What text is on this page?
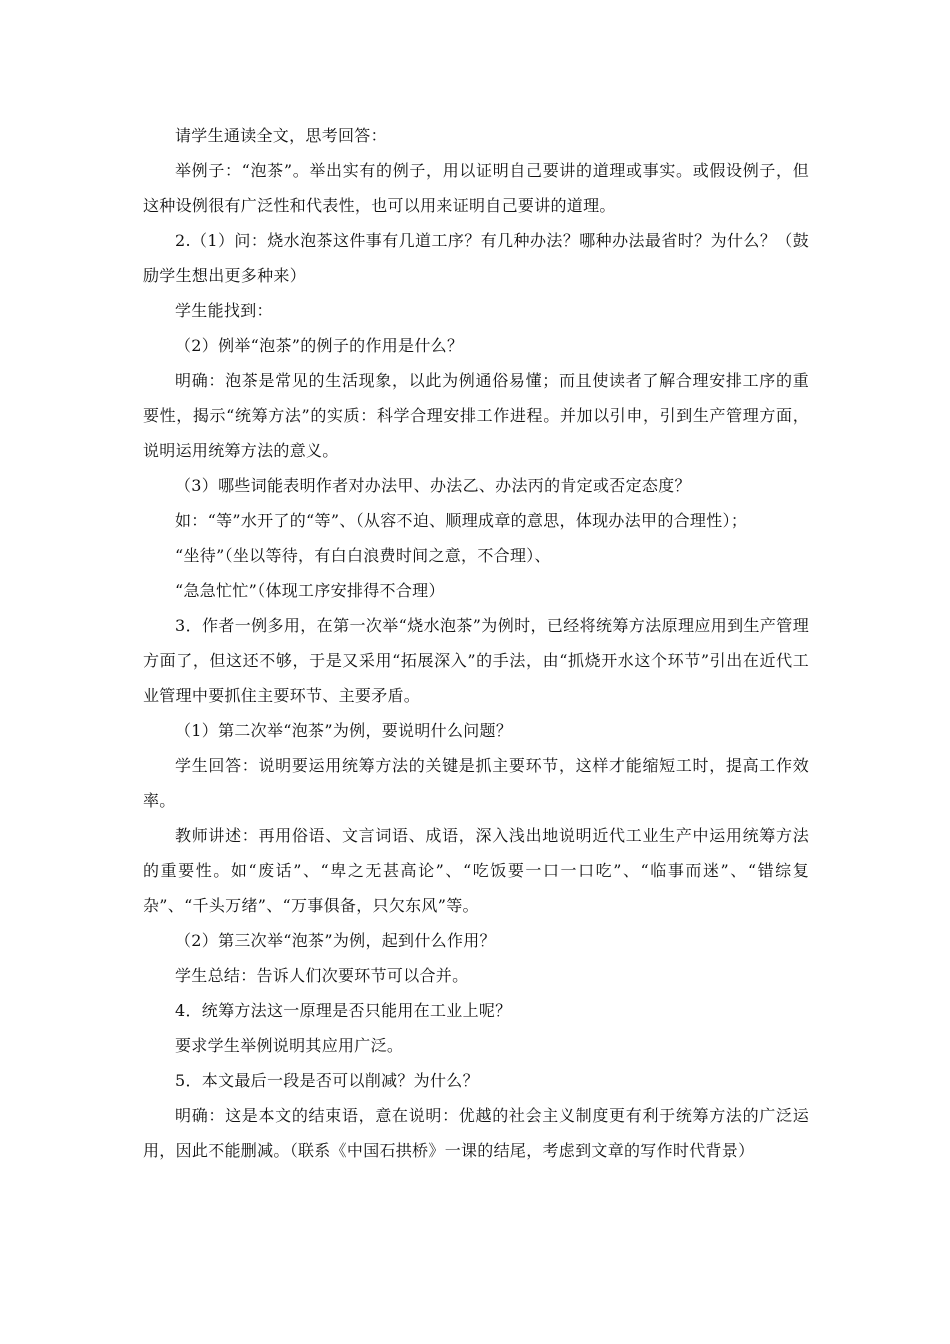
请学生通读全文，思考回答：

举例子：“泡茶”。举出实有的例子，用以证明自己要讲的道理或事实。或假设例子，但这种设例很有广泛性和代表性，也可以用来证明自己要讲的道理。

2.（1）问：烧水泡茶这件事有几道工序？有几种办法？哪种办法最省时？为什么？（鼓励学生想出更多种来）

学生能找到：

（2）例举“泡茶”的例子的作用是什么？

明确：泡茶是常见的生活现象，以此为例通俗易懂；而且使读者了解合理安排工序的重要性，揭示“统筹方法”的实质：科学合理安排工作进程。并加以引申，引到生产管理方面，说明运用统筹方法的意义。

（3）哪些词能表明作者对办法甲、办法乙、办法丙的肯定或否定态度？

如：“等”水开了的“等”、（从容不迫、顺理成章的意思，体现办法甲的合理性）；

“坐待”（坐以等待，有白白浪费时间之意，不合理）、

“急急忙忙”（体现工序安排得不合理）

3．作者一例多用，在第一次举“烧水泡茶”为例时，已经将统筹方法原理应用到生产管理方面了，但这还不够，于是又采用“拓展深入”的手法，由“抓烧开水这个环节”引出在近代工业管理中要抓住主要环节、主要矛盾。

（1）第二次举“泡茶”为例，要说明什么问题？

学生回答：说明要运用统筹方法的关键是抓主要环节，这样才能缩短工时，提高工作效率。

教师讲述：再用俗语、文言词语、成语，深入浅出地说明近代工业生产中运用统筹方法的重要性。如“废话”、“卑之无甚高论”、“吃饭要一口一口吃”、“临事而迷”、“错综复杂”、“千头万绪”、“万事俱备，只欠东风”等。

（2）第三次举“泡茶”为例，起到什么作用？

学生总结：告诉人们次要环节可以合并。

4．统筹方法这一原理是否只能用在工业上呢？

要求学生举例说明其应用广泛。

5．本文最后一段是否可以削减？为什么？

明确：这是本文的结束语，意在说明：优越的社会主义制度更有利于统筹方法的广泛运用，因此不能删减。（联系《中国石拱桥》一课的结尾，考虑到文章的写作时代背景）
